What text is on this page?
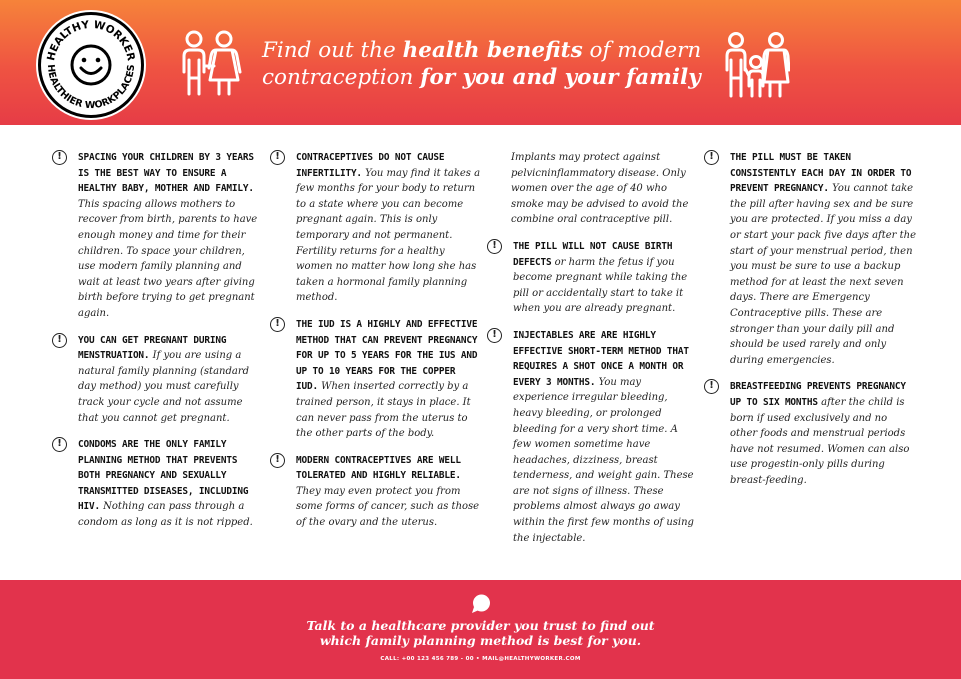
HEALTHY WORKER
HEALTHIER WORKPLACES
Find out the health benefits of modern
contraception for you and your family
!	SPACING YOUR CHILDREN BY 3 YEARS IS THE BEST WAY TO ENSURE A HEALTHY BABY, MOTHER AND FAMILY. This spacing allows mothers to recover from birth, parents to have enough money and time for their children. To space your children, use modern family planning and wait at least two years after giving birth before trying to get pregnant again.
!	YOU CAN GET PREGNANT DURING MENSTRUATION. If you are using a natural family planning (standard day method) you must carefully track your cycle and not assume that you cannot get pregnant.
!	CONDOMS ARE THE ONLY FAMILY PLANNING METHOD THAT PREVENTS BOTH PREGNANCY AND SEXUALLY TRANSMITTED DISEASES, INCLUDING HIV. Nothing can pass through a condom as long as it is not ripped.
!	CONTRACEPTIVES DO NOT CAUSE INFERTILITY. You may find it takes a few months for your body to return to a state where you can become pregnant again. This is only temporary and not permanent. Fertility returns for a healthy women no matter how long she has taken a hormonal family planning method.
!	THE IUD IS A HIGHLY AND EFFECTIVE METHOD THAT CAN PREVENT PREGNANCY FOR UP TO 5 YEARS FOR THE IUS AND UP TO 10 YEARS FOR THE COPPER IUD. When inserted correctly by a trained person, it stays in place. It can never pass from the uterus to the other parts of the body.
!	MODERN CONTRACEPTIVES ARE WELL TOLERATED AND HIGHLY RELIABLE. They may even protect you from some forms of cancer, such as those of the ovary and the uterus.
Implants may protect against pelvicninflammatory disease. Only women over the age of 40 who smoke may be advised to avoid the combine oral contraceptive pill.
!	THE PILL WILL NOT CAUSE BIRTH DEFECTS or harm the fetus if you become pregnant while taking the pill or accidentally start to take it when you are already pregnant.
!	INJECTABLES ARE ARE HIGHLY EFFECTIVE SHORT-TERM METHOD THAT REQUIRES A SHOT ONCE A MONTH OR EVERY 3 MONTHS. You may experience irregular bleeding, heavy bleeding, or prolonged bleeding for a very short time. A few women sometime have headaches, dizziness, breast tenderness, and weight gain. These are not signs of illness. These problems almost always go away within the first few months of using the injectable.
!	THE PILL MUST BE TAKEN CONSISTENTLY EACH DAY IN ORDER TO PREVENT PREGNANCY. You cannot take the pill after having sex and be sure you are protected. If you miss a day or start your pack five days after the start of your menstrual period, then you must be sure to use a backup method for at least the next seven days. There are Emergency Contraceptive pills. These are stronger than your daily pill and should be used rarely and only during emergencies.
!	BREASTFEEDING PREVENTS PREGNANCY UP TO SIX MONTHS after the child is born if used exclusively and no other foods and menstrual periods have not resumed. Women can also use progestin-only pills during breast-feeding.
Talk to a healthcare provider you trust to find out
which family planning method is best for you.
CALL: +00 123 456 789 - 00 • MAIL@HEALTHYWORKER.COM
